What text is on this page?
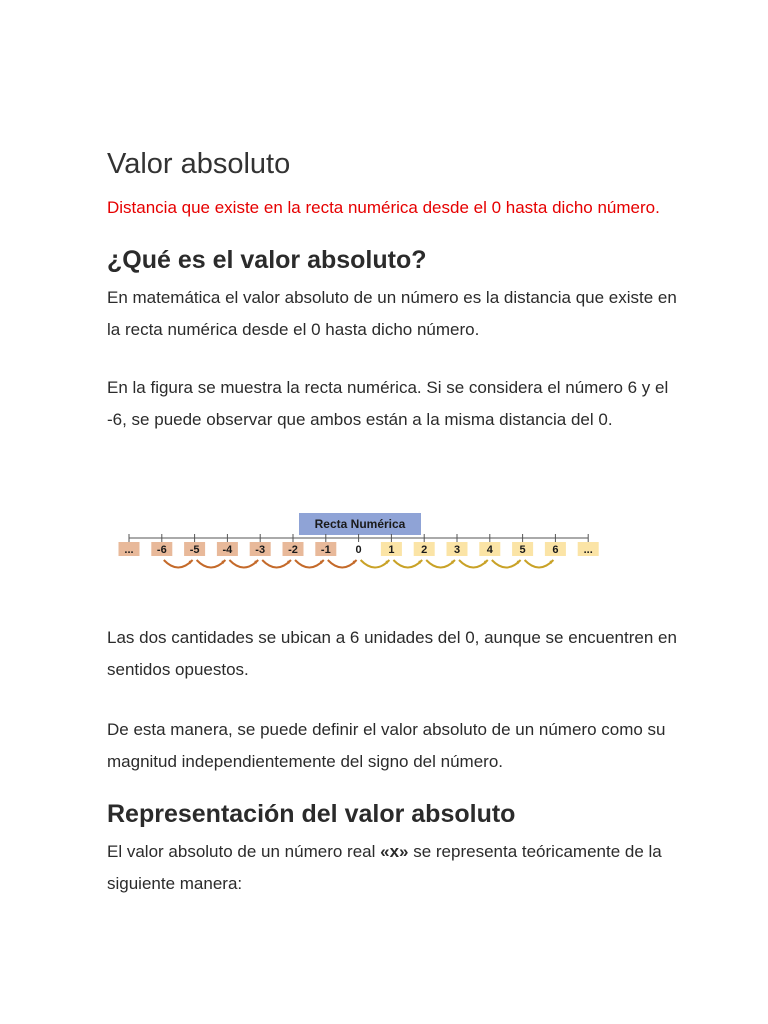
Valor absoluto

Distancia que existe en la recta numérica desde el 0 hasta dicho número.

¿Qué es el valor absoluto?

En matemática el valor absoluto de un número es la distancia que existe en la recta numérica desde el 0 hasta dicho número.

En la figura se muestra la recta numérica. Si se considera el número 6 y el -6, se puede observar que ambos están a la misma distancia del 0.

Recta Numérica
... -6 -5 -4 -3 -2 -1 0 1 2 3 4 5 6 ...

Las dos cantidades se ubican a 6 unidades del 0, aunque se encuentren en sentidos opuestos.

De esta manera, se puede definir el valor absoluto de un número como su magnitud independientemente del signo del número.

Representación del valor absoluto

El valor absoluto de un número real «x» se representa teóricamente de la siguiente manera:
